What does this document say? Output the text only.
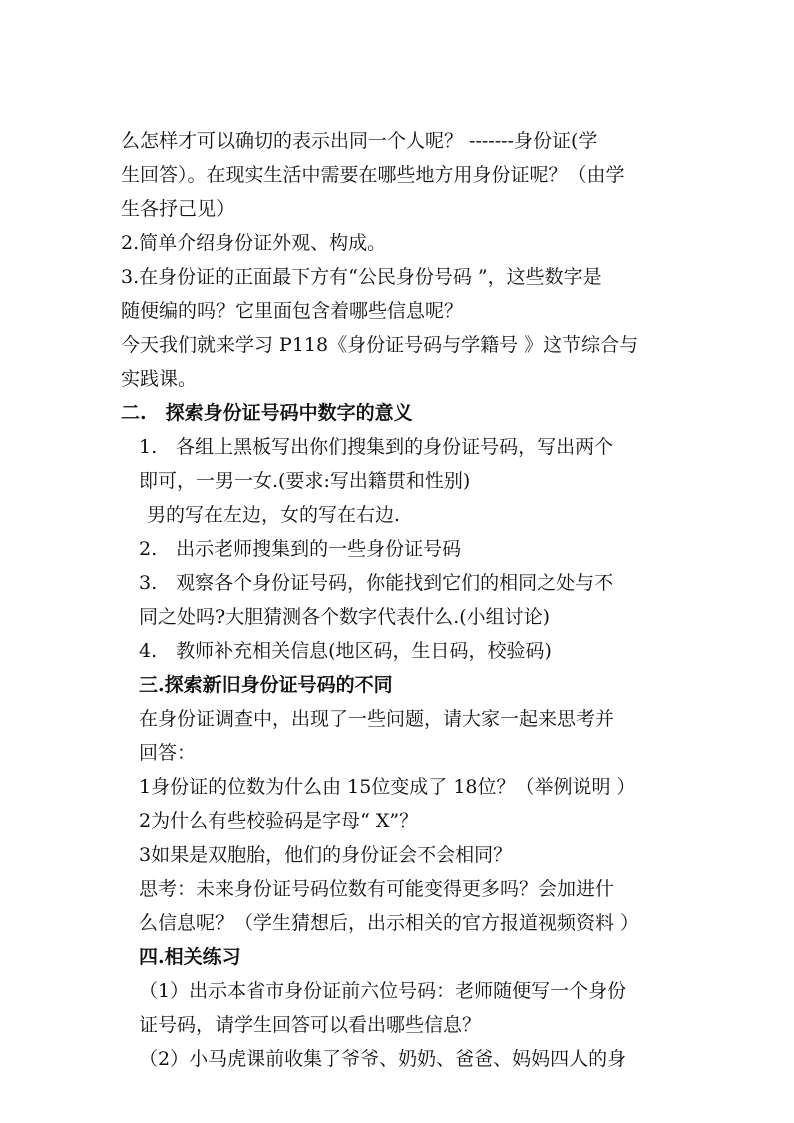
么怎样才可以确切的表示出同一个人呢？ -------身份证(学
生回答）。在现实生活中需要在哪些地方用身份证呢？（由学
生各抒己见）
2.简单介绍身份证外观、构成。
3.在身份证的正面最下方有“公民身份号码 ”，这些数字是
随便编的吗？它里面包含着哪些信息呢？
今天我们就来学习 P118《身份证号码与学籍号 》这节综合与
实践课。
二.　探索身份证号码中数字的意义
1.　各组上黑板写出你们搜集到的身份证号码，写出两个
即可，一男一女.(要求:写出籍贯和性别)
男的写在左边，女的写在右边.
2.　出示老师搜集到的一些身份证号码
3.　观察各个身份证号码，你能找到它们的相同之处与不
同之处吗?大胆猜测各个数字代表什么.(小组讨论)
4.　教师补充相关信息(地区码，生日码，校验码)
三.探索新旧身份证号码的不同
在身份证调查中，出现了一些问题，请大家一起来思考并
回答：
1身份证的位数为什么由 15位变成了 18位？（举例说明 ）
2为什么有些校验码是字母“ X”？
3如果是双胞胎，他们的身份证会不会相同？
思考：未来身份证号码位数有可能变得更多吗？会加进什
么信息呢？（学生猜想后，出示相关的官方报道视频资料 ）
四.相关练习
（1）出示本省市身份证前六位号码：老师随便写一个身份
证号码，请学生回答可以看出哪些信息？
（2）小马虎课前收集了爷爷、奶奶、爸爸、妈妈四人的身
